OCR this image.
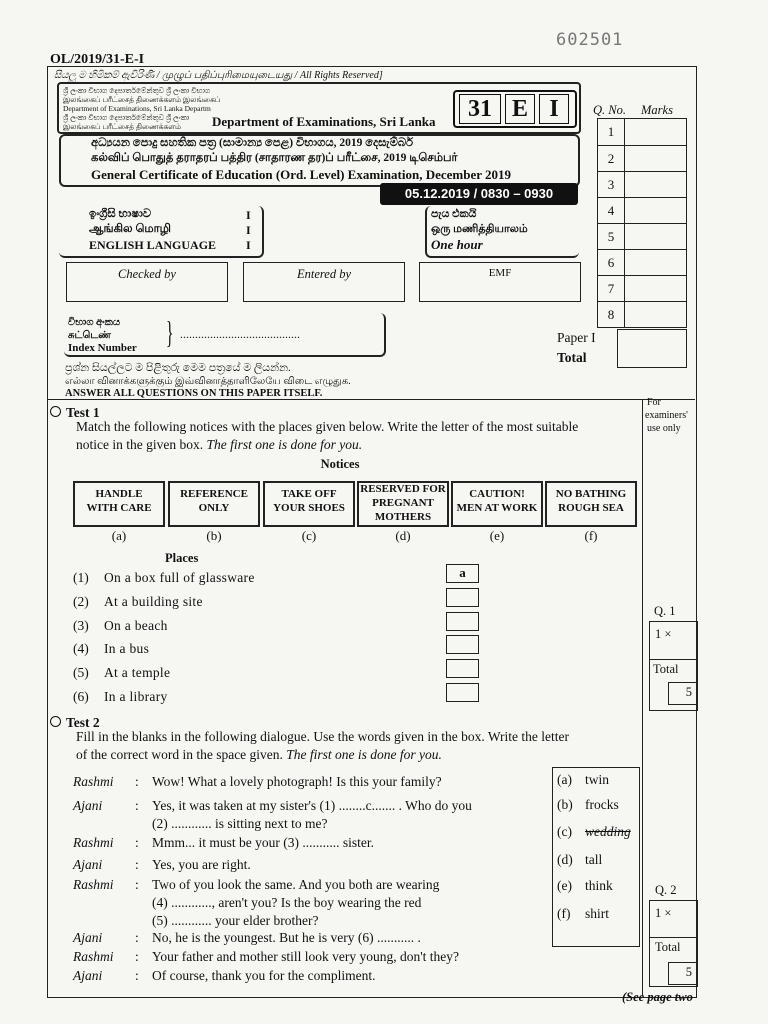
602501
OL/2019/31-E-I
සියලු ම හිමිකම් ඇවිරිණි / முழுப் பதிப்புரிமையுடையது / All Rights Reserved]
ශ්‍රී ලංකා විභාග දෙපාර්තමේන්තුව ශ්‍රී ලංකා විභාග
இலங்கைப் பரீட்சைத் திணைக்களம் இலங்கைப்
Department of Examinations, Sri Lanka Departm
ශ්‍රී ලංකා විභාග දෙපාර්තමේන්තුව ශ්‍රී ලංකා
இலங்கைப் பரீட்சைத் திணைக்களம் Department of Examinations, Sri Lanka	31 E I
අධ්‍යයන පොදු සහතික පත්‍ර (සාමාන්‍ය පෙළ) විභාගය, 2019 දෙසැම්බර්
கல்விப் பொதுத் தராதரப் பத்திர (சாதாரண தர)ப் பரீட்சை, 2019 டிசெம்பர்
General Certificate of Education (Ord. Level) Examination, December 2019
05.12.2019 / 0830 – 0930
ඉංග්‍රීසි භාෂාව
ஆங்கில மொழி
ENGLISH LANGUAGE
I
I
I
පැය එකයි
ஒரு மணித்தியாலம்
One hour
Checked by	Entered by	EMF
විභාග අංකය
சுட்டெண்
Index Number } ........................................
Q. No. Marks
1
2
3
4
5
6
7
8
Paper I
Total
ප්‍රශ්න සියල්ලට ම පිළිතුරු මෙම පත්‍රයේ ම ලියන්න.
எல்லா வினாக்களுக்கும் இவ்வினாத்தாளிலேயே விடை எழுதுக.
ANSWER ALL QUESTIONS ON THIS PAPER ITSELF.
For
examiners'
use only
Test 1
Match the following notices with the places given below. Write the letter of the most suitable
notice in the given box. The first one is done for you.
Notices
HANDLE
WITH CARE
(a)
REFERENCE
ONLY
(b)
TAKE OFF
YOUR SHOES
(c)
RESERVED FOR
PREGNANT
MOTHERS
(d)
CAUTION!
MEN AT WORK
(e)
NO BATHING
ROUGH SEA
(f)
Places
(1) On a box full of glassware	a
(2) At a building site
(3) On a beach
(4) In a bus
(5) At a temple
(6) In a library
Q. 1
1 ×
Total
5
Test 2
Fill in the blanks in the following dialogue. Use the words given in the box. Write the letter
of the correct word in the space given. The first one is done for you.
Rashmi : Wow! What a lovely photograph! Is this your family?
Ajani : Yes, it was taken at my sister's (1) ........c....... . Who do you
(2) ............ is sitting next to me?
Rashmi : Mmm... it must be your (3) ........... sister.
Ajani : Yes, you are right.
Rashmi : Two of you look the same. And you both are wearing
(4) ............, aren't you? Is the boy wearing the red
(5) ............ your elder brother?
Ajani : No, he is the youngest. But he is very (6) ........... .
Rashmi : Your father and mother still look very young, don't they?
Ajani : Of course, thank you for the compliment.
(a) twin
(b) frocks
(c) wedding
(d) tall
(e) think
(f) shirt
Q. 2
1 ×
Total
5
(See page two
